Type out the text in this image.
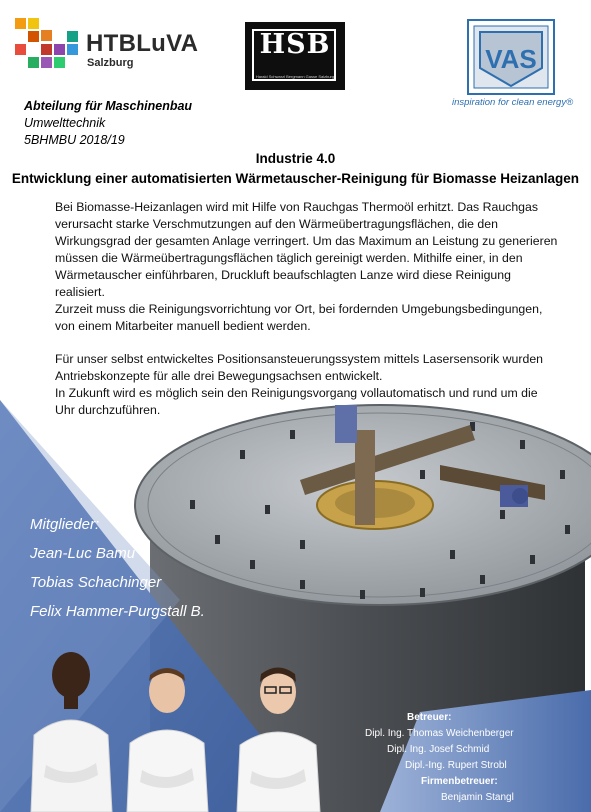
HTBLuVA
Salzburg
HSB
Harald Schwarzl Bergmann Gasse Salzburg
VAS
inspiration for clean energy®
Abteilung für Maschinenbau
Umwelttechnik
5BHMBU 2018/19
Industrie 4.0
Entwicklung einer automatisierten Wärmetauscher-Reinigung für Biomasse Heizanlagen
Bei Biomasse-Heizanlagen wird mit Hilfe von Rauchgas Thermoöl erhitzt. Das Rauchgas
verursacht starke Verschmutzungen auf den Wärmeübertragungsflächen, die den
Wirkungsgrad der gesamten Anlage verringert. Um das Maximum an Leistung zu generieren
müssen die Wärmeübertragungsflächen täglich gereinigt werden. Mithilfe einer, in den
Wärmetauscher einführbaren, Druckluft beaufschlagten Lanze wird diese Reinigung
realisiert.
Zurzeit muss die Reinigungsvorrichtung vor Ort, bei fordernden Umgebungsbedingungen,
von einem Mitarbeiter manuell bedient werden.
Für unser selbst entwickeltes Positionsansteuerungssystem mittels Lasersensorik wurden
Antriebskonzepte für alle drei Bewegungsachsen entwickelt.
In Zukunft wird es möglich sein den Reinigungsvorgang vollautomatisch und rund um die
Uhr durchzuführen.
Mitglieder:
Jean-Luc Bamu
Tobias Schachinger
Felix Hammer-Purgstall B.
Betreuer:
Dipl. Ing. Thomas Weichenberger
Dipl. Ing. Josef Schmid
Dipl.-Ing. Rupert Strobl
Firmenbetreuer:
Benjamin Stangl
